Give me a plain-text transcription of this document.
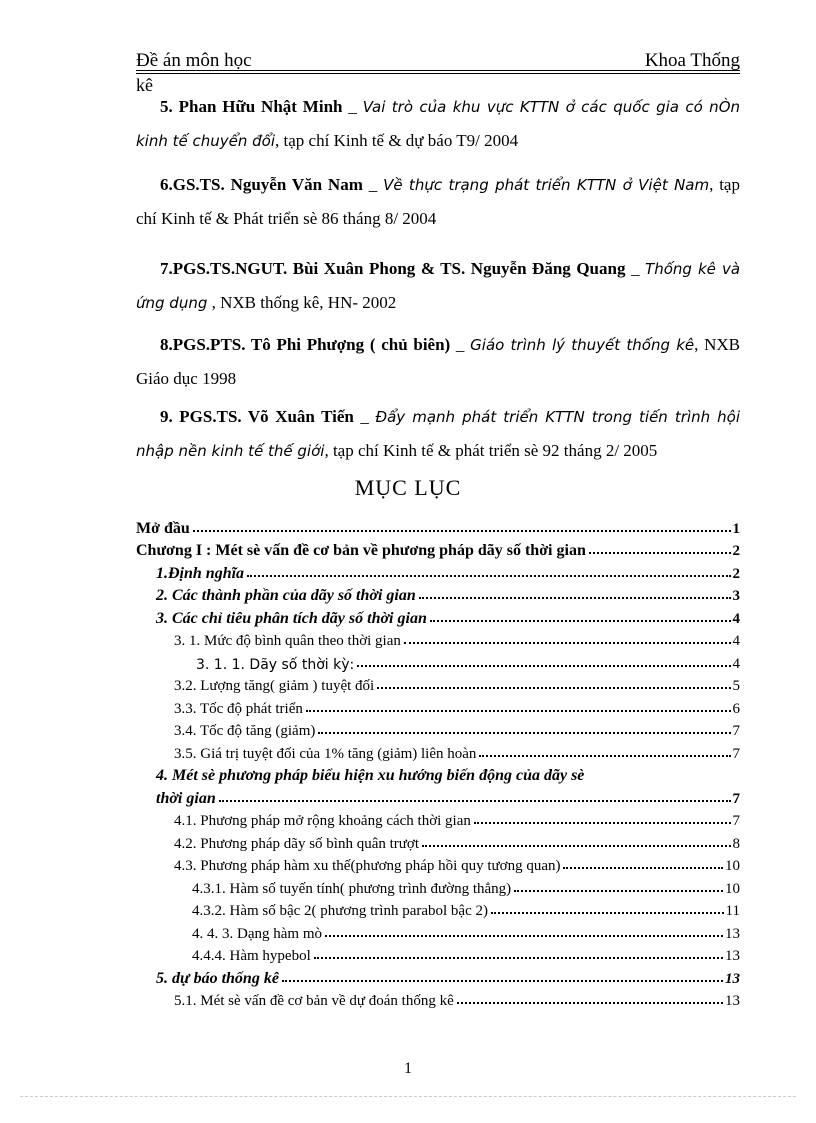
Đề án môn học	Khoa Thống
kê
5. Phan Hữu Nhật Minh _ Vai trò của khu vực KTTN ở các quốc gia có nÒn kinh tế chuyển đổi, tạp chí Kinh tế & dự báo T9/ 2004
6.GS.TS. Nguyễn Văn Nam _ Về thực trạng phát triển KTTN ở Việt Nam, tạp chí Kinh tế & Phát triển sè 86 tháng 8/ 2004
7.PGS.TS.NGUT. Bùi Xuân Phong & TS. Nguyễn Đăng Quang _ Thống kê và ứng dụng , NXB thống kê, HN- 2002
8.PGS.PTS. Tô Phi Phượng ( chủ biên) _ Giáo trình lý thuyết thống kê, NXB Giáo dục 1998
9. PGS.TS. Võ Xuân Tiến _ Đẩy mạnh phát triển KTTN trong tiến trình hội nhập nền kinh tế thế giới, tạp chí Kinh tế & phát triển sè 92 tháng 2/ 2005
MỤC LỤC
Mở đầu	1
Chương I : Mét sè vấn đề cơ bản về phương pháp dãy số thời gian	2
1.Định nghĩa	2
2. Các thành phần của dãy số thời gian	3
3. Các chỉ tiêu phân tích dãy số thời gian	4
3. 1. Mức độ bình quân theo thời gian	4
3. 1. 1. Dãy số thời kỳ:	4
3.2. Lượng tăng( giảm ) tuyệt đối	5
3.3. Tốc độ phát triển	6
3.4. Tốc độ tăng (giảm)	7
3.5. Giá trị tuyệt đối của 1% tăng (giảm) liên hoàn	7
4. Mét sè phương pháp biểu hiện xu hướng biến động của dãy sè
thời gian	7
4.1. Phương pháp mở rộng khoảng cách thời gian	7
4.2. Phương pháp dãy số bình quân trượt	8
4.3. Phương pháp hàm xu thế(phương pháp hồi quy tương quan)	10
4.3.1. Hàm số tuyến tính( phương trình đường thẳng)	10
4.3.2. Hàm số bậc 2( phương trình parabol bậc 2)	11
4. 4. 3. Dạng hàm mò	13
4.4.4. Hàm hypebol	13
5. dự báo thống kê	13
5.1. Mét sè vấn đề cơ bản về dự đoán thống kê	13
1
